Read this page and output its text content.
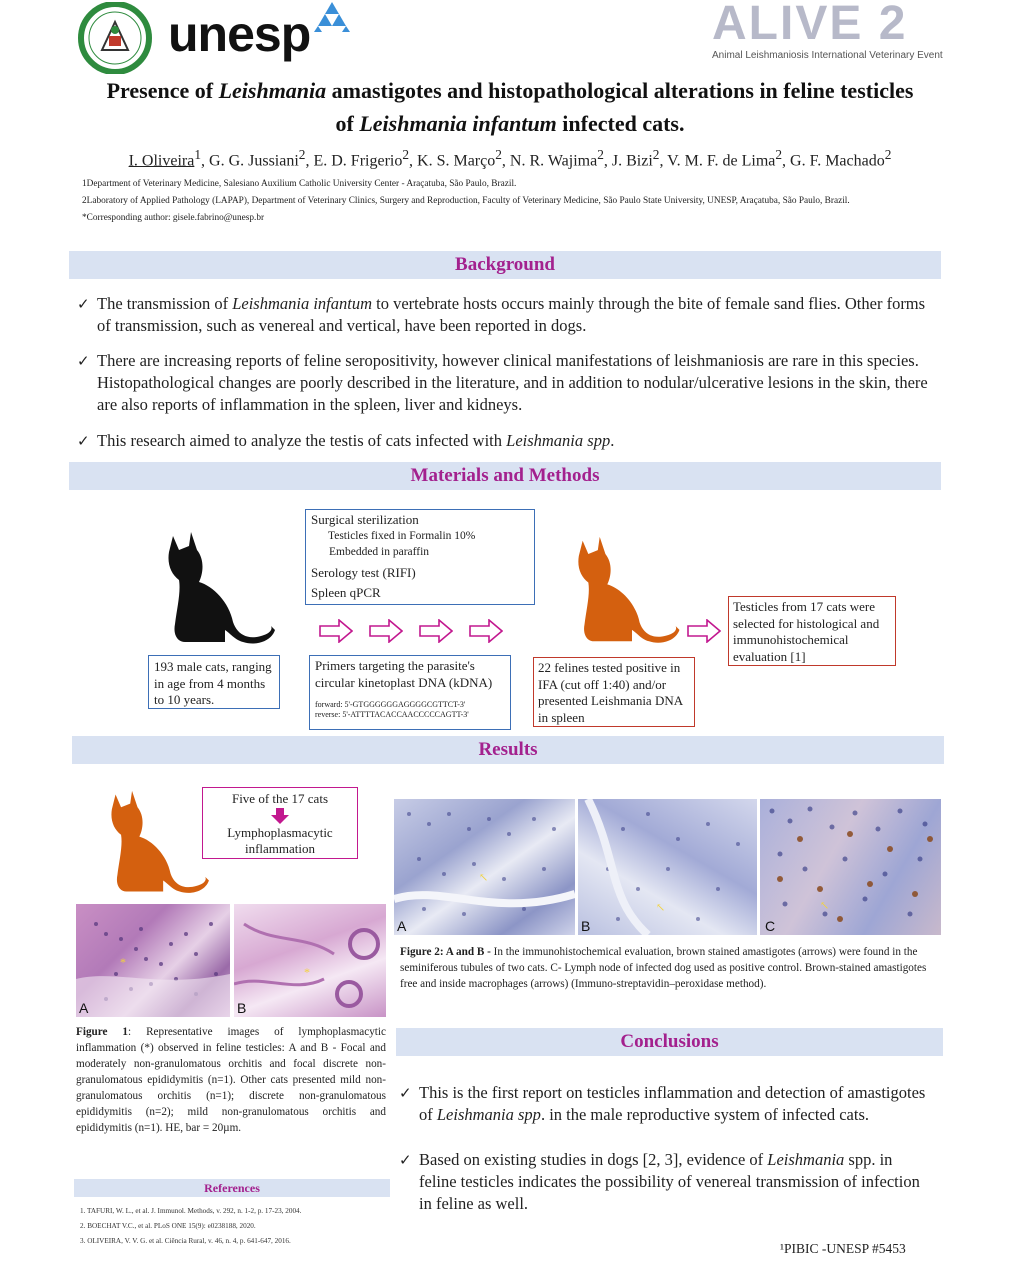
unesp	ALIVE 2
Animal Leishmaniosis International Veterinary Event
Presence of Leishmania amastigotes and histopathological alterations in feline testicles
of Leishmania infantum infected cats.
I. Oliveira$^1$, G. G. Jussiani$^2$, E. D. Frigerio$^2$, K. S. Março$^2$, N. R. Wajima$^2$, J. Bizi$^2$, V. M. F. de Lima$^2$, G. F. Machado$^2$
1Department of Veterinary Medicine, Salesiano Auxilium Catholic University Center - Araçatuba, São Paulo, Brazil.
2Laboratory of Applied Pathology (LAPAP), Department of Veterinary Clinics, Surgery and Reproduction, Faculty of Veterinary Medicine, São Paulo State University, UNESP, Araçatuba, São Paulo, Brazil.
*Corresponding author: gisele.fabrino@unesp.br
Background
✓ The transmission of Leishmania infantum to vertebrate hosts occurs mainly through the bite of female sand flies. Other forms of transmission, such as venereal and vertical, have been reported in dogs.
✓ There are increasing reports of feline seropositivity, however clinical manifestations of leishmaniosis are rare in this species. Histopathological changes are poorly described in the literature, and in addition to nodular/ulcerative lesions in the skin, there are also reports of inflammation in the spleen, liver and kidneys.
✓ This research aimed to analyze the testis of cats infected with Leishmania spp.
Materials and Methods
193 male cats, ranging in age from 4 months to 10 years.
Surgical sterilization
Testicles fixed in Formalin 10%
Embedded in paraffin
Serology test (RIFI)
Spleen qPCR
Primers targeting the parasite's circular kinetoplast DNA (kDNA)
forward: 5'-GTGGGGGGAGGGGCGTTCT-3'
reverse: 5'-ATTTTACACCAACCCCCAGTT-3'
22 felines tested positive in IFA (cut off 1:40) and/or presented Leishmania DNA in spleen
Testicles from 17 cats were selected for histological and immunohistochemical evaluation [1]
Results
Five of the 17 cats
Lymphoplasmacytic inflammation
*
A
*
B
Figure 1: Representative images of lymphoplasmacytic inflammation (*) observed in feline testicles: A and B - Focal and moderately non-granulomatous orchitis and focal discrete non-granulomatous epididymitis (n=1). Other cats presented mild non-granulomatous orchitis (n=1); discrete non-granulomatous epididymitis (n=2); mild non-granulomatous orchitis and epididymitis (n=1). HE, bar = 20µm.
↖
A
↖
B
↖
C
Figure 2: A and B - In the immunohistochemical evaluation, brown stained amastigotes (arrows) were found in the seminiferous tubules of two cats. C- Lymph node of infected dog used as positive control. Brown-stained amastigotes free and inside macrophages (arrows) (Immuno-streptavidin–peroxidase method).
References
1. TAFURI, W. L., et al. J. Immunol. Methods, v. 292, n. 1-2, p. 17-23, 2004.
2. BOECHAT V.C., et al. PLoS ONE 15(9): e0238188, 2020.
3. OLIVEIRA, V. V. G. et al. Ciência Rural, v. 46, n. 4, p. 641-647, 2016.
Conclusions
✓ This is the first report on testicles inflammation and detection of amastigotes of Leishmania spp. in the male reproductive system of infected cats.
✓ Based on existing studies in dogs [2, 3], evidence of Leishmania spp. in feline testicles indicates the possibility of venereal transmission of infection in feline as well.
¹PIBIC -UNESP #5453
